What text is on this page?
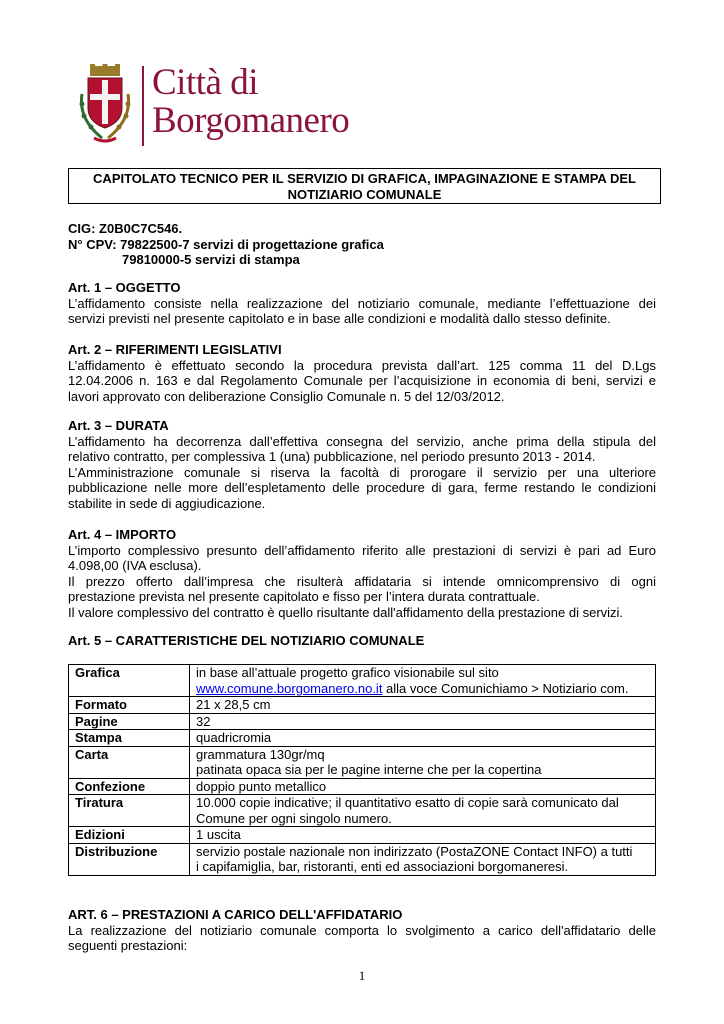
Città di
Borgomanero
CAPITOLATO TECNICO PER IL SERVIZIO DI GRAFICA, IMPAGINAZIONE E STAMPA DEL
NOTIZIARIO COMUNALE
CIG: Z0B0C7C546.
N° CPV: 79822500-7 servizi di progettazione grafica
79810000-5 servizi di stampa
Art. 1 – OGGETTO
L’affidamento consiste nella realizzazione del notiziario comunale, mediante l’effettuazione dei
servizi previsti nel presente capitolato e in base alle condizioni e modalità dallo stesso definite.
Art. 2 – RIFERIMENTI LEGISLATIVI
L’affidamento è effettuato secondo la procedura prevista dall’art. 125 comma 11 del D.Lgs
12.04.2006 n. 163 e dal Regolamento Comunale per l’acquisizione in economia di beni, servizi e
lavori approvato con deliberazione Consiglio Comunale n. 5 del 12/03/2012.
Art. 3 – DURATA
L’affidamento ha decorrenza dall’effettiva consegna del servizio, anche prima della stipula del
relativo contratto, per complessiva 1 (una) pubblicazione, nel periodo presunto 2013 - 2014.
L’Amministrazione comunale si riserva la facoltà di prorogare il servizio per una ulteriore
pubblicazione nelle more dell’espletamento delle procedure di gara, ferme restando le condizioni
stabilite in sede di aggiudicazione.
Art. 4 – IMPORTO
L’importo complessivo presunto dell’affidamento riferito alle prestazioni di servizi è pari ad Euro
4.098,00 (IVA esclusa).
Il prezzo offerto dall’impresa che risulterà affidataria si intende omnicomprensivo di ogni
prestazione prevista nel presente capitolato e fisso per l’intera durata contrattuale.
Il valore complessivo del contratto è quello risultante dall'affidamento della prestazione di servizi.
Art. 5 – CARATTERISTICHE DEL NOTIZIARIO COMUNALE
Grafica	in base all’attuale progetto grafico visionabile sul sito
www.comune.borgomanero.no.it alla voce Comunichiamo > Notiziario com.

Formato	21 x 28,5 cm

Pagine	32

Stampa	quadricromia

Carta	grammatura 130gr/mq
patinata opaca sia per le pagine interne che per la copertina

Confezione	doppio punto metallico

Tiratura	10.000 copie indicative; il quantitativo esatto di copie sarà comunicato dal
Comune per ogni singolo numero.

Edizioni	1 uscita

Distribuzione	servizio postale nazionale non indirizzato (PostaZONE Contact INFO) a tutti
i capifamiglia, bar, ristoranti, enti ed associazioni borgomaneresi.
ART. 6 – PRESTAZIONI A CARICO DELL'AFFIDATARIO
La realizzazione del notiziario comunale comporta lo svolgimento a carico dell'affidatario delle
seguenti prestazioni:
1
